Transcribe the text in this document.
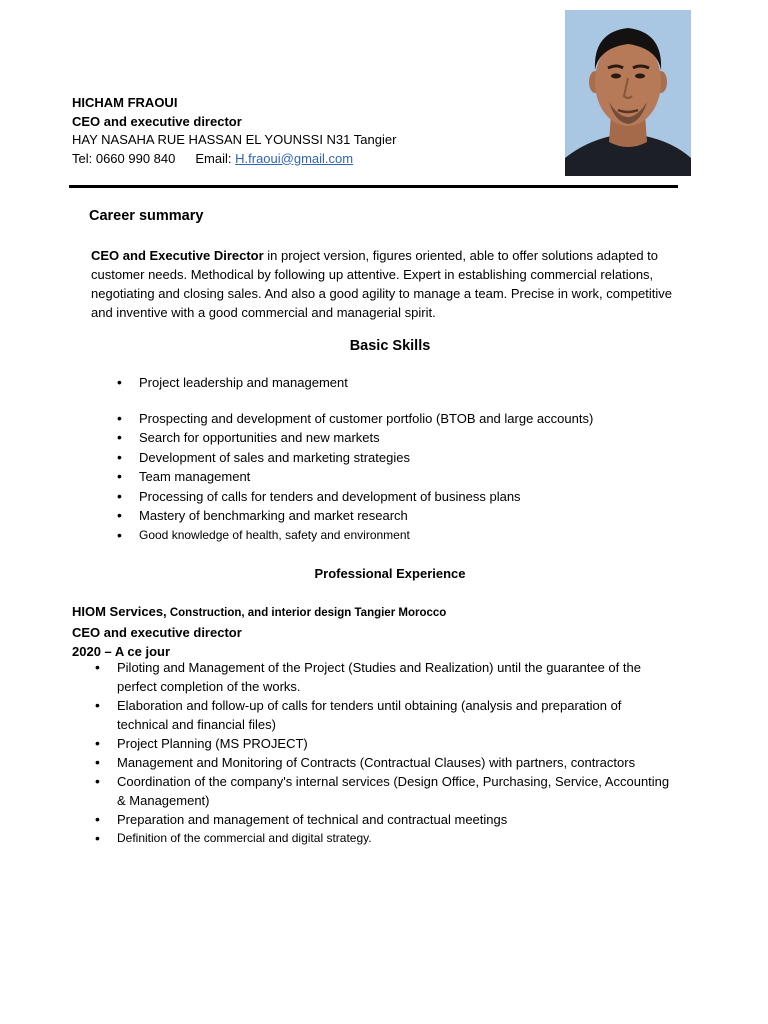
HICHAM FRAOUI
CEO and executive director
HAY NASAHA RUE HASSAN EL YOUNSSI N31 Tangier
Tel: 0660 990 840 Email: H.fraoui@gmail.com
Career summary
CEO and Executive Director in project version, figures oriented, able to offer solutions adapted to customer needs. Methodical by following up attentive. Expert in establishing commercial relations, negotiating and closing sales. And also a good agility to manage a team. Precise in work, competitive and inventive with a good commercial and managerial spirit.
Basic Skills
• Project leadership and management
• Prospecting and development of customer portfolio (BTOB and large accounts)
• Search for opportunities and new markets
• Development of sales and marketing strategies
• Team management
• Processing of calls for tenders and development of business plans
• Mastery of benchmarking and market research
• Good knowledge of health, safety and environment
Professional Experience
HIOM Services, Construction, and interior design Tangier Morocco
CEO and executive director
2020 – A ce jour
• Piloting and Management of the Project (Studies and Realization) until the guarantee of the perfect completion of the works.
• Elaboration and follow-up of calls for tenders until obtaining (analysis and preparation of technical and financial files)
• Project Planning (MS PROJECT)
• Management and Monitoring of Contracts (Contractual Clauses) with partners, contractors
• Coordination of the company's internal services (Design Office, Purchasing, Service, Accounting & Management)
• Preparation and management of technical and contractual meetings
• Definition of the commercial and digital strategy.
